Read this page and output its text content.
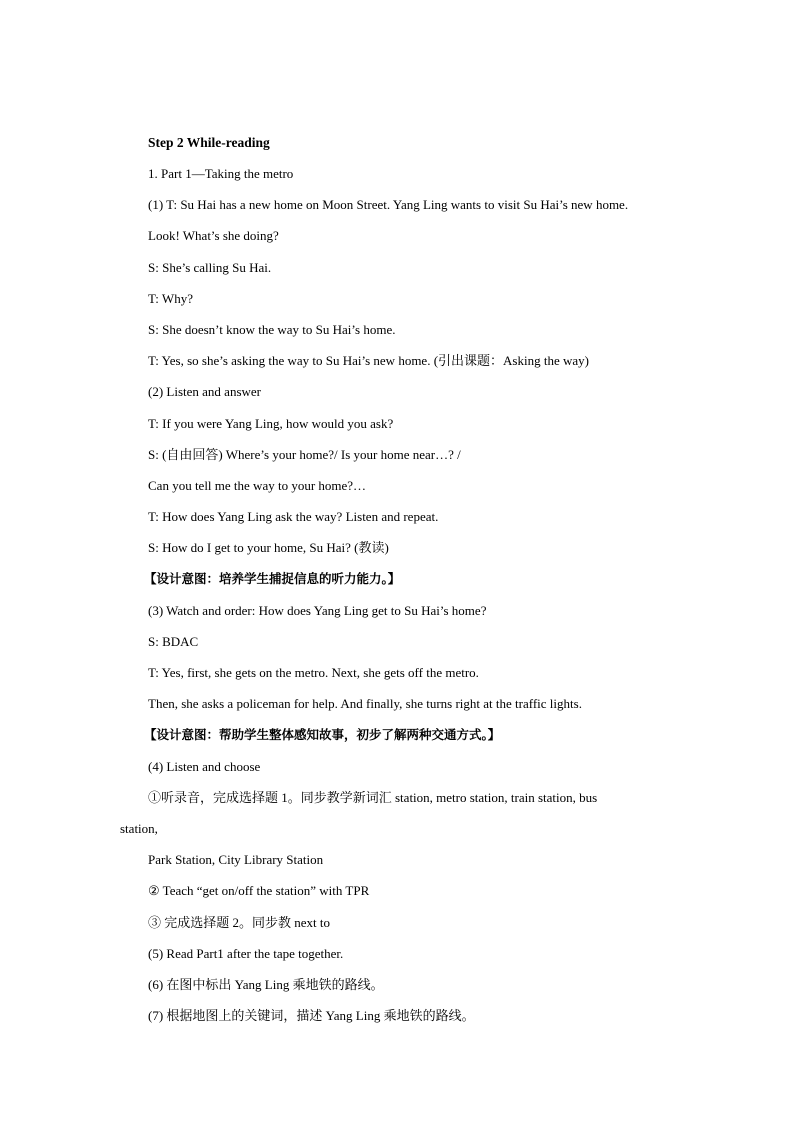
Step 2 While-reading
1. Part 1—Taking the metro
(1) T: Su Hai has a new home on Moon Street. Yang Ling wants to visit Su Hai’s new home.
Look! What’s she doing?
S: She’s calling Su Hai.
T: Why?
S: She doesn’t know the way to Su Hai’s home.
T: Yes, so she’s asking the way to Su Hai’s new home. (引出课题：Asking the way)
(2) Listen and answer
T: If you were Yang Ling, how would you ask?
S: (自由回答) Where’s your home?/ Is your home near…? /
Can you tell me the way to your home?…
T: How does Yang Ling ask the way? Listen and repeat.
S: How do I get to your home, Su Hai? (教读)
【设计意图：培养学生捕捉信息的听力能力。】
(3) Watch and order: How does Yang Ling get to Su Hai’s home?
S: BDAC
T: Yes, first, she gets on the metro. Next, she gets off the metro.
Then, she asks a policeman for help. And finally, she turns right at the traffic lights.
【设计意图：帮助学生整体感知故事，初步了解两种交通方式。】
(4) Listen and choose
①听录音，完成选择题 1。同步教学新词汇 station, metro station, train station, bus
station,
Park Station, City Library Station
② Teach “get on/off the station” with TPR
③ 完成选择题 2。同步教 next to
(5) Read Part1 after the tape together.
(6) 在图中标出 Yang Ling 乘地铁的路线。
(7) 根据地图上的关键词，描述 Yang Ling 乘地铁的路线。
